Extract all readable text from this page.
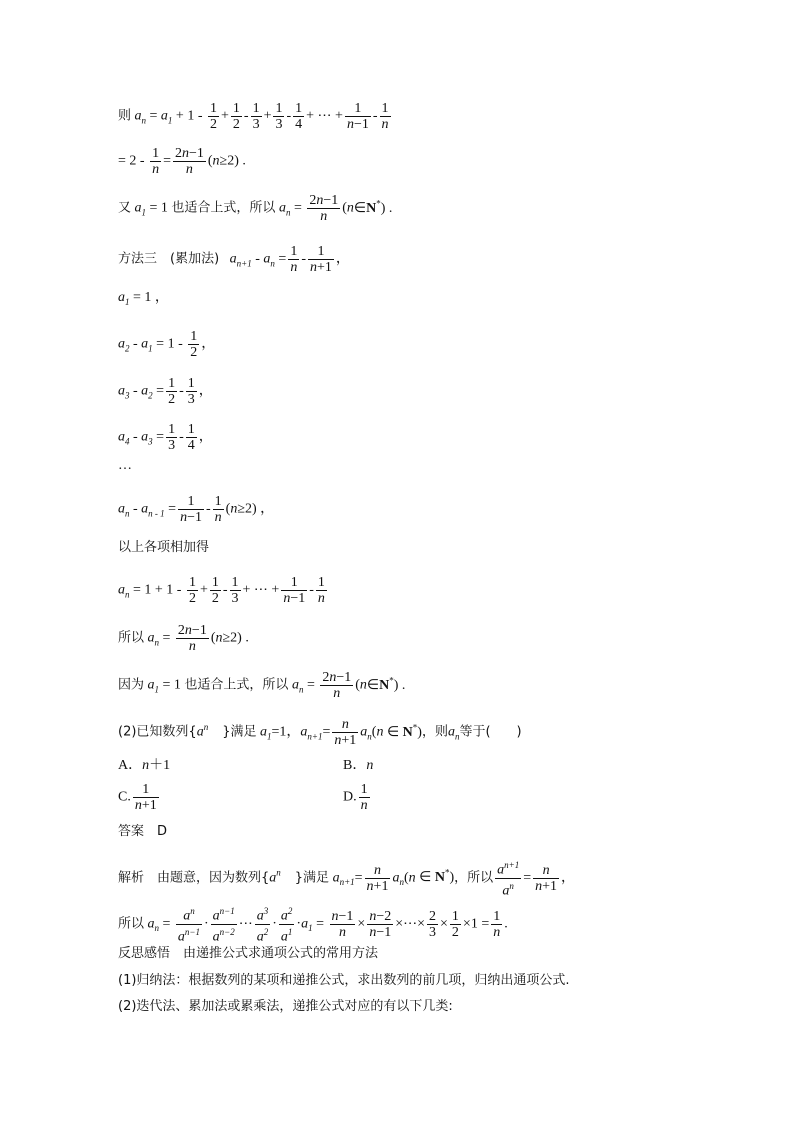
则 $a_n = a_1 + 1 - \frac{1}{2} + \frac{1}{2} - \frac{1}{3} + \frac{1}{3} - \frac{1}{4}$ + ⋯ + $\frac{1}{n-1} - \frac{1}{n}$
= $2 - \frac{1}{n} = \frac{2n-1}{n} (n\ge 2)$ .
又 $a_1 = 1$ 也适合上式，所以 $a_n = \frac{2n-1}{n}$ (n∈N*) .
方法三　(累加法)   $a_{n+1} - a_n = \frac{1}{n} - \frac{1}{n+1}$ ，
$a_1 = 1$ ，
$a_2 - a_1 = 1 - \frac{1}{2}$ ，
$a_3 - a_2 = \frac{1}{2} - \frac{1}{3}$ ，
$a_4 - a_3 = \frac{1}{3} - \frac{1}{4}$ ，
…
$a_n - a_{n - 1} = \frac{1}{n-1} - \frac{1}{n} (n\ge 2)$ ，
以上各项相加得
$a_n = 1 + 1 - \frac{1}{2} + \frac{1}{2} - \frac{1}{3}$ + ⋯ + $\frac{1}{n-1} - \frac{1}{n}$
所以 $a_n = \frac{2n-1}{n} (n\ge 2)$ .
因为 $a_1 = 1$ 也适合上式，所以 $a_n = \frac{2n-1}{n}$ (n∈N*) .
(2)已知数列{$a^n$ }满足 $a_1=1$，$a_{n+1}= \frac{n}{n+1} a_n(n$ ∈ N*)，则$a_n$等于(　　)
A．n＋1	B．n
C. $\frac{1}{n+1}$	D. $\frac{1}{n}$
答案　D
解析　由题意，因为数列{$a^n$ }满足 $a_{n+1}= \frac{n}{n+1} a_n(n$ ∈ N*)，所以 $\frac{a^{n+1}}{a^n} = \frac{n}{n+1}$ ，
所以 $a_n = \frac{a^n}{a^{n-1}} \cdot \frac{a^{n-1}}{a^{n-2}}$ ⋯ $\frac{a^3}{a^2} \cdot \frac{a^2}{a^1} \cdot a_1 = \frac{n-1}{n} \times \frac{n-2}{n-1}$ ×⋯× $\frac{2}{3} \times \frac{1}{2} \times 1 = \frac{1}{n}$ .
反思感悟　由递推公式求通项公式的常用方法
(1)归纳法：根据数列的某项和递推公式，求出数列的前几项，归纳出通项公式.
(2)迭代法、累加法或累乘法，递推公式对应的有以下几类:
